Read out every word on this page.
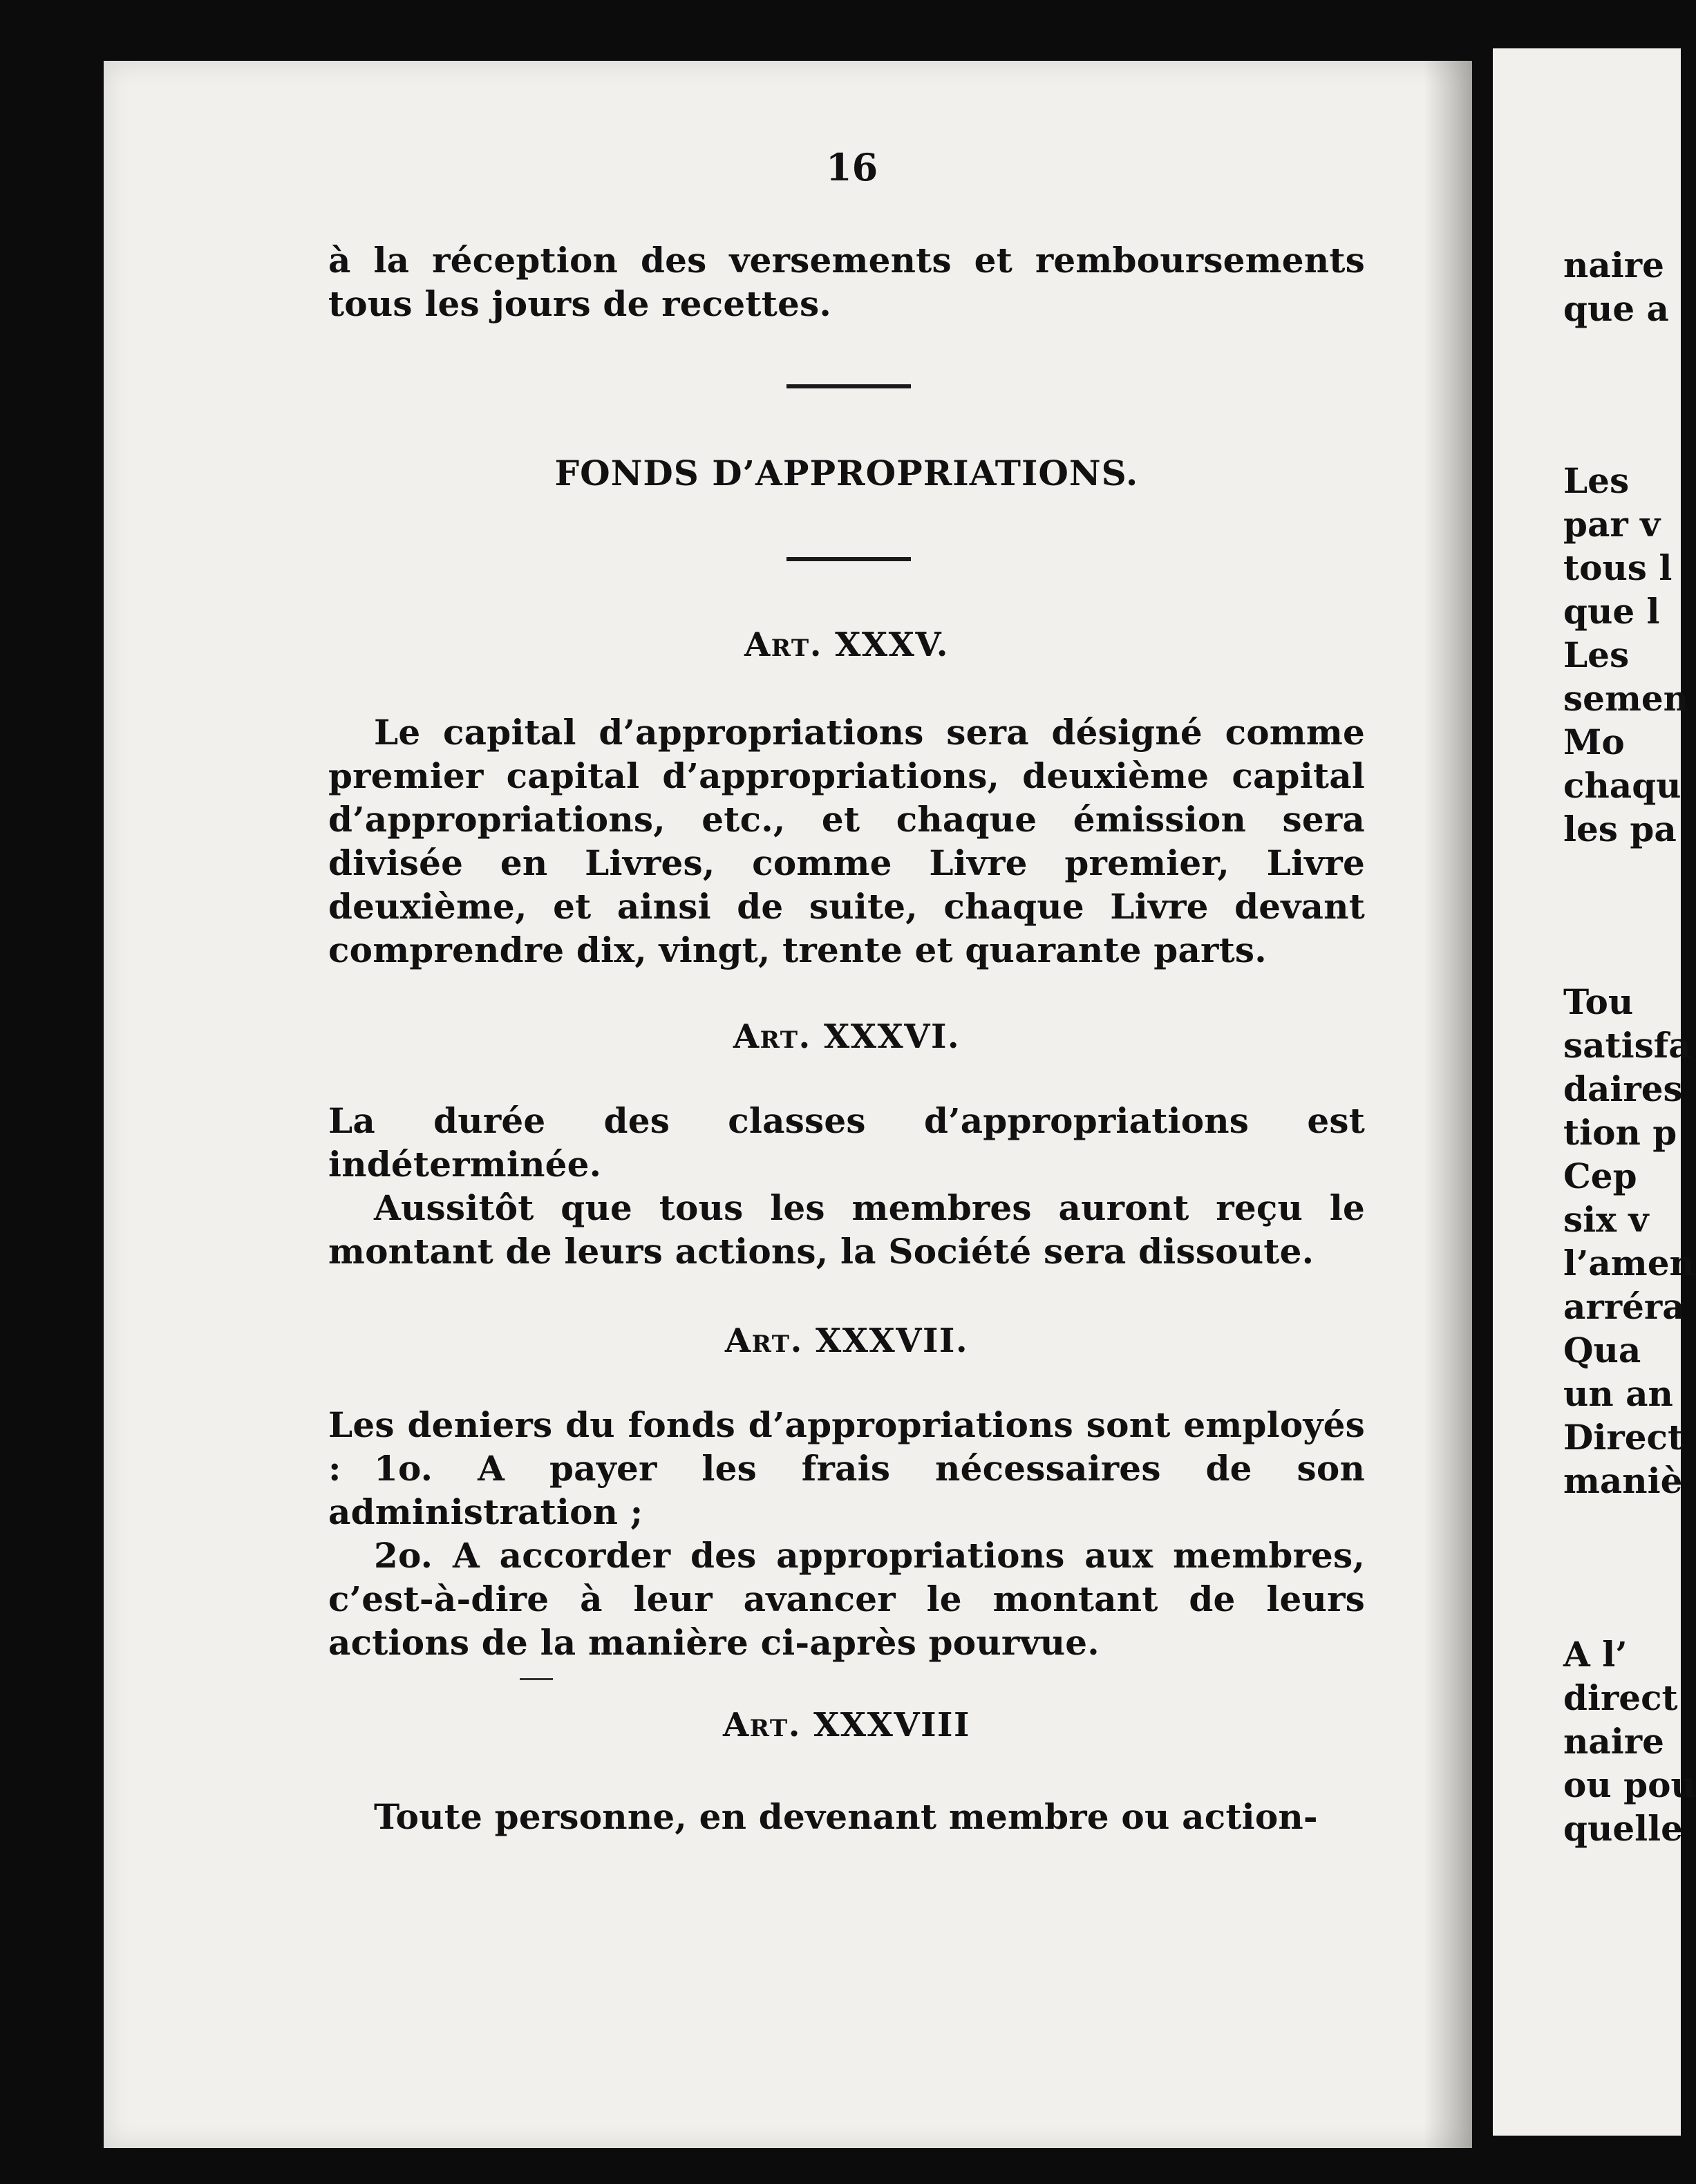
16

à la réception des versements et remboursements tous les jours de recettes.

FONDS D’APPROPRIATIONS.
Art. XXXV.

Le capital d’appropriations sera désigné comme premier capital d’appropriations, deuxième capital d’appropriations, etc., et chaque émission sera divisée en Livres, comme Livre premier, Livre deuxième, et ainsi de suite, chaque Livre devant comprendre dix, vingt, trente et quarante parts.

Art. XXXVI.

La durée des classes d’appropriations est indéterminée.

Aussitôt que tous les membres auront reçu le montant de leurs actions, la Société sera dissoute.

Art. XXXVII.

Les deniers du fonds d’appropriations sont employés : 1o. A payer les frais nécessaires de son administration ;

2o. A accorder des appropriations aux membres, c’est-à-dire à leur avancer le montant de leurs actions de la manière ci-après pourvue.

Art. XXXVIII

Toute personne, en devenant membre ou action-

naire
que a
Les
par v
tous l
que l
Les
semen
Mo
chaqu
les pa
Tou
satisfa
daires
tion p
Cep
six v
l’amen
arréra
Qua
un an
Direct
maniè
A l’
direct
naire
ou pou
quelle
